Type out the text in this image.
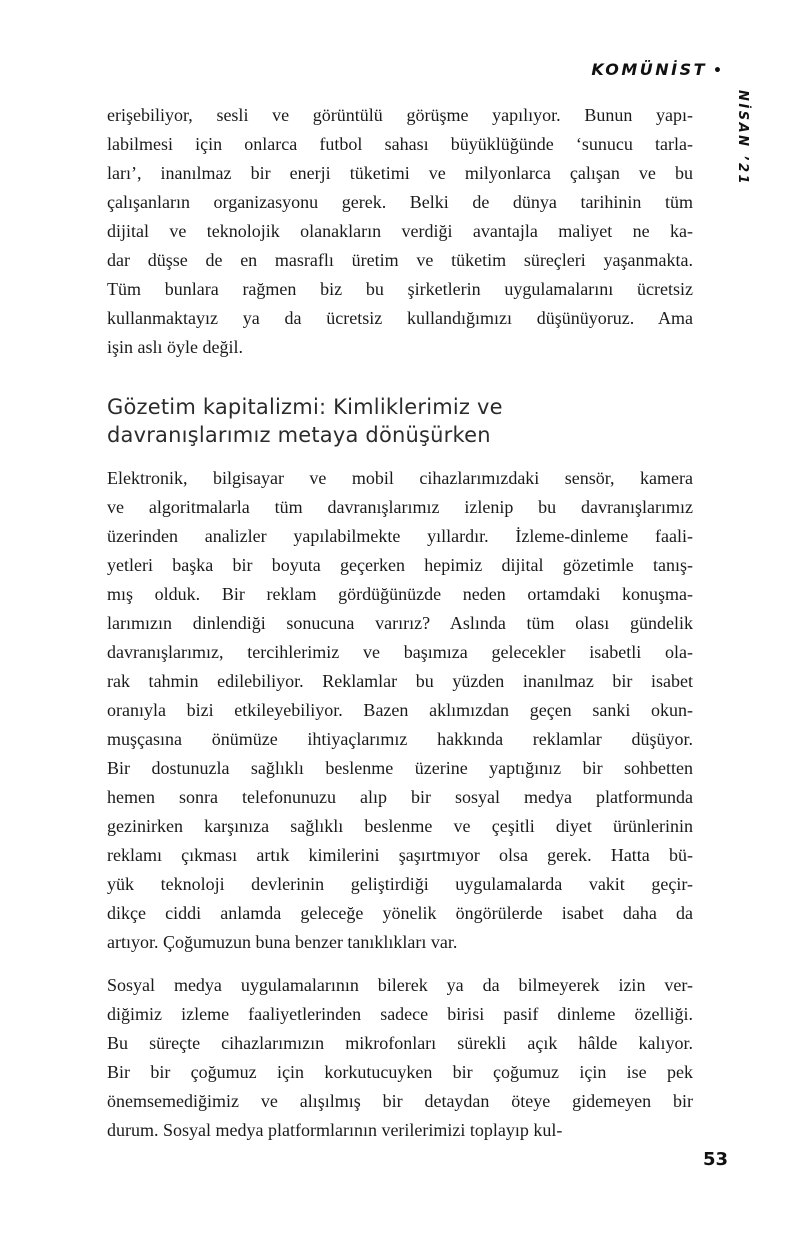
KOMÜNİST •
NİSAN ’21
erişebiliyor, sesli ve görüntülü görüşme yapılıyor. Bunun yapı-
labilmesi için onlarca futbol sahası büyüklüğünde ‘sunucu tarla-
ları’, inanılmaz bir enerji tüketimi ve milyonlarca çalışan ve bu
çalışanların organizasyonu gerek. Belki de dünya tarihinin tüm
dijital ve teknolojik olanakların verdiği avantajla maliyet ne ka-
dar düşse de en masraflı üretim ve tüketim süreçleri yaşanmakta.
Tüm bunlara rağmen biz bu şirketlerin uygulamalarını ücretsiz
kullanmaktayız ya da ücretsiz kullandığımızı düşünüyoruz. Ama
işin aslı öyle değil.
Gözetim kapitalizmi: Kimliklerimiz ve
davranışlarımız metaya dönüşürken
Elektronik, bilgisayar ve mobil cihazlarımızdaki sensör, kamera
ve algoritmalarla tüm davranışlarımız izlenip bu davranışlarımız
üzerinden analizler yapılabilmekte yıllardır. İzleme-dinleme faali-
yetleri başka bir boyuta geçerken hepimiz dijital gözetimle tanış-
mış olduk. Bir reklam gördüğünüzde neden ortamdaki konuşma-
larımızın dinlendiği sonucuna varırız? Aslında tüm olası gündelik
davranışlarımız, tercihlerimiz ve başımıza gelecekler isabetli ola-
rak tahmin edilebiliyor. Reklamlar bu yüzden inanılmaz bir isabet
oranıyla bizi etkileyebiliyor. Bazen aklımızdan geçen sanki okun-
muşçasına önümüze ihtiyaçlarımız hakkında reklamlar düşüyor.
Bir dostunuzla sağlıklı beslenme üzerine yaptığınız bir sohbetten
hemen sonra telefonunuzu alıp bir sosyal medya platformunda
gezinirken karşınıza sağlıklı beslenme ve çeşitli diyet ürünlerinin
reklamı çıkması artık kimilerini şaşırtmıyor olsa gerek. Hatta bü-
yük teknoloji devlerinin geliştirdiği uygulamalarda vakit geçir-
dikçe ciddi anlamda geleceğe yönelik öngörülerde isabet daha da
artıyor. Çoğumuzun buna benzer tanıklıkları var.
Sosyal medya uygulamalarının bilerek ya da bilmeyerek izin ver-
diğimiz izleme faaliyetlerinden sadece birisi pasif dinleme özelliği.
Bu süreçte cihazlarımızın mikrofonları sürekli açık hâlde kalıyor.
Bir bir çoğumuz için korkutucuyken bir çoğumuz için ise pek
önemsemediğimiz ve alışılmış bir detaydan öteye gidemeyen bir
durum. Sosyal medya platformlarının verilerimizi toplayıp kul-
53
